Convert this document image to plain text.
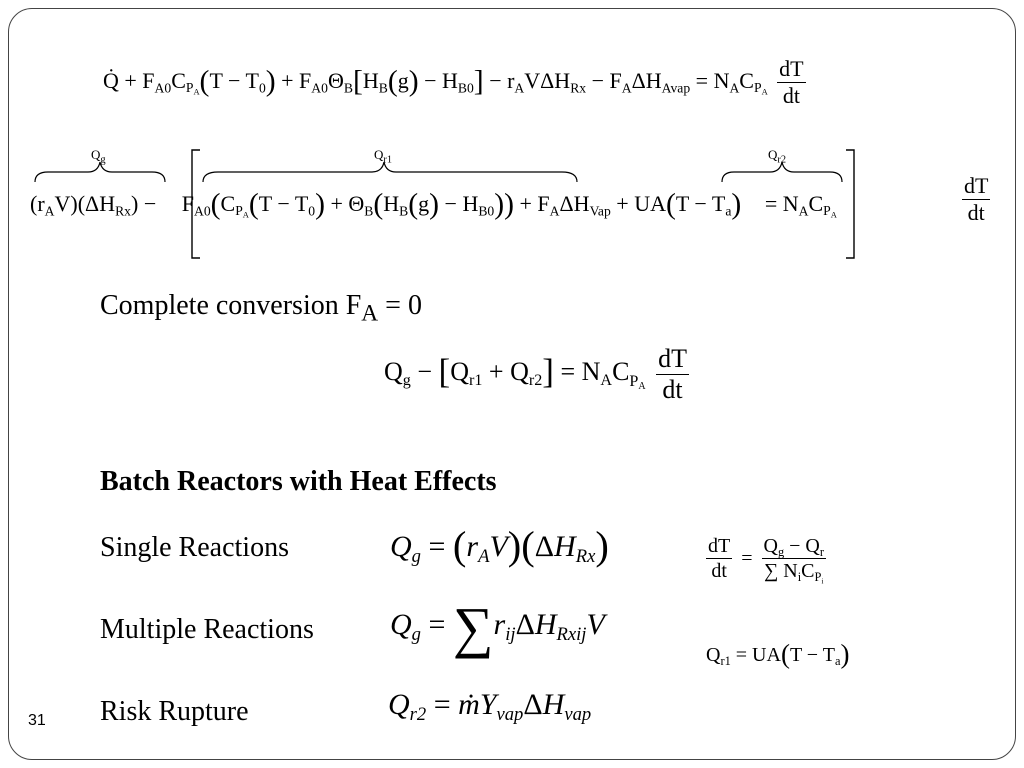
Q̇ + $F_{A0}C_{P_A}(T - T_0) + F_{A0}\Theta_B[H_B(g) - H_{B0}] - r_AV\Delta H_{Rx} - F_A\Delta H_{Avap} = N_AC_{P_A} \frac{dT}{dt}$
$Q_g$	$Q_{r1}$	$Q_{r2}$
$(r_AV)(\Delta H_{Rx}) - F_{A0}(C_{P_A}(T - T_0) + \Theta_B(H_B(g) - H_{B0})) + F_A\Delta H_{Vap} + UA(T - T_a) = N_AC_{P_A}$	$\frac{dT}{dt}$
Complete conversion $F_A = 0$
$Q_g - [Q_{r1} + Q_{r2}] = N_AC_{P_A} \frac{dT}{dt}$
Batch Reactors with Heat Effects
Single Reactions	$Q_g = (r_AV)(\Delta H_{Rx})$
Multiple Reactions	$Q_g = \sum r_{ij}\Delta H_{Rxij}V$
Risk Rupture	$Q_{r2}$ = $ṁY_{vap}\Delta H_{vap}$
$\frac{dT}{dt} = \frac{Q_g - Q_r}{\sum N_iC_{P_i}}$
$Q_{r1} = UA(T - T_a)$
31
